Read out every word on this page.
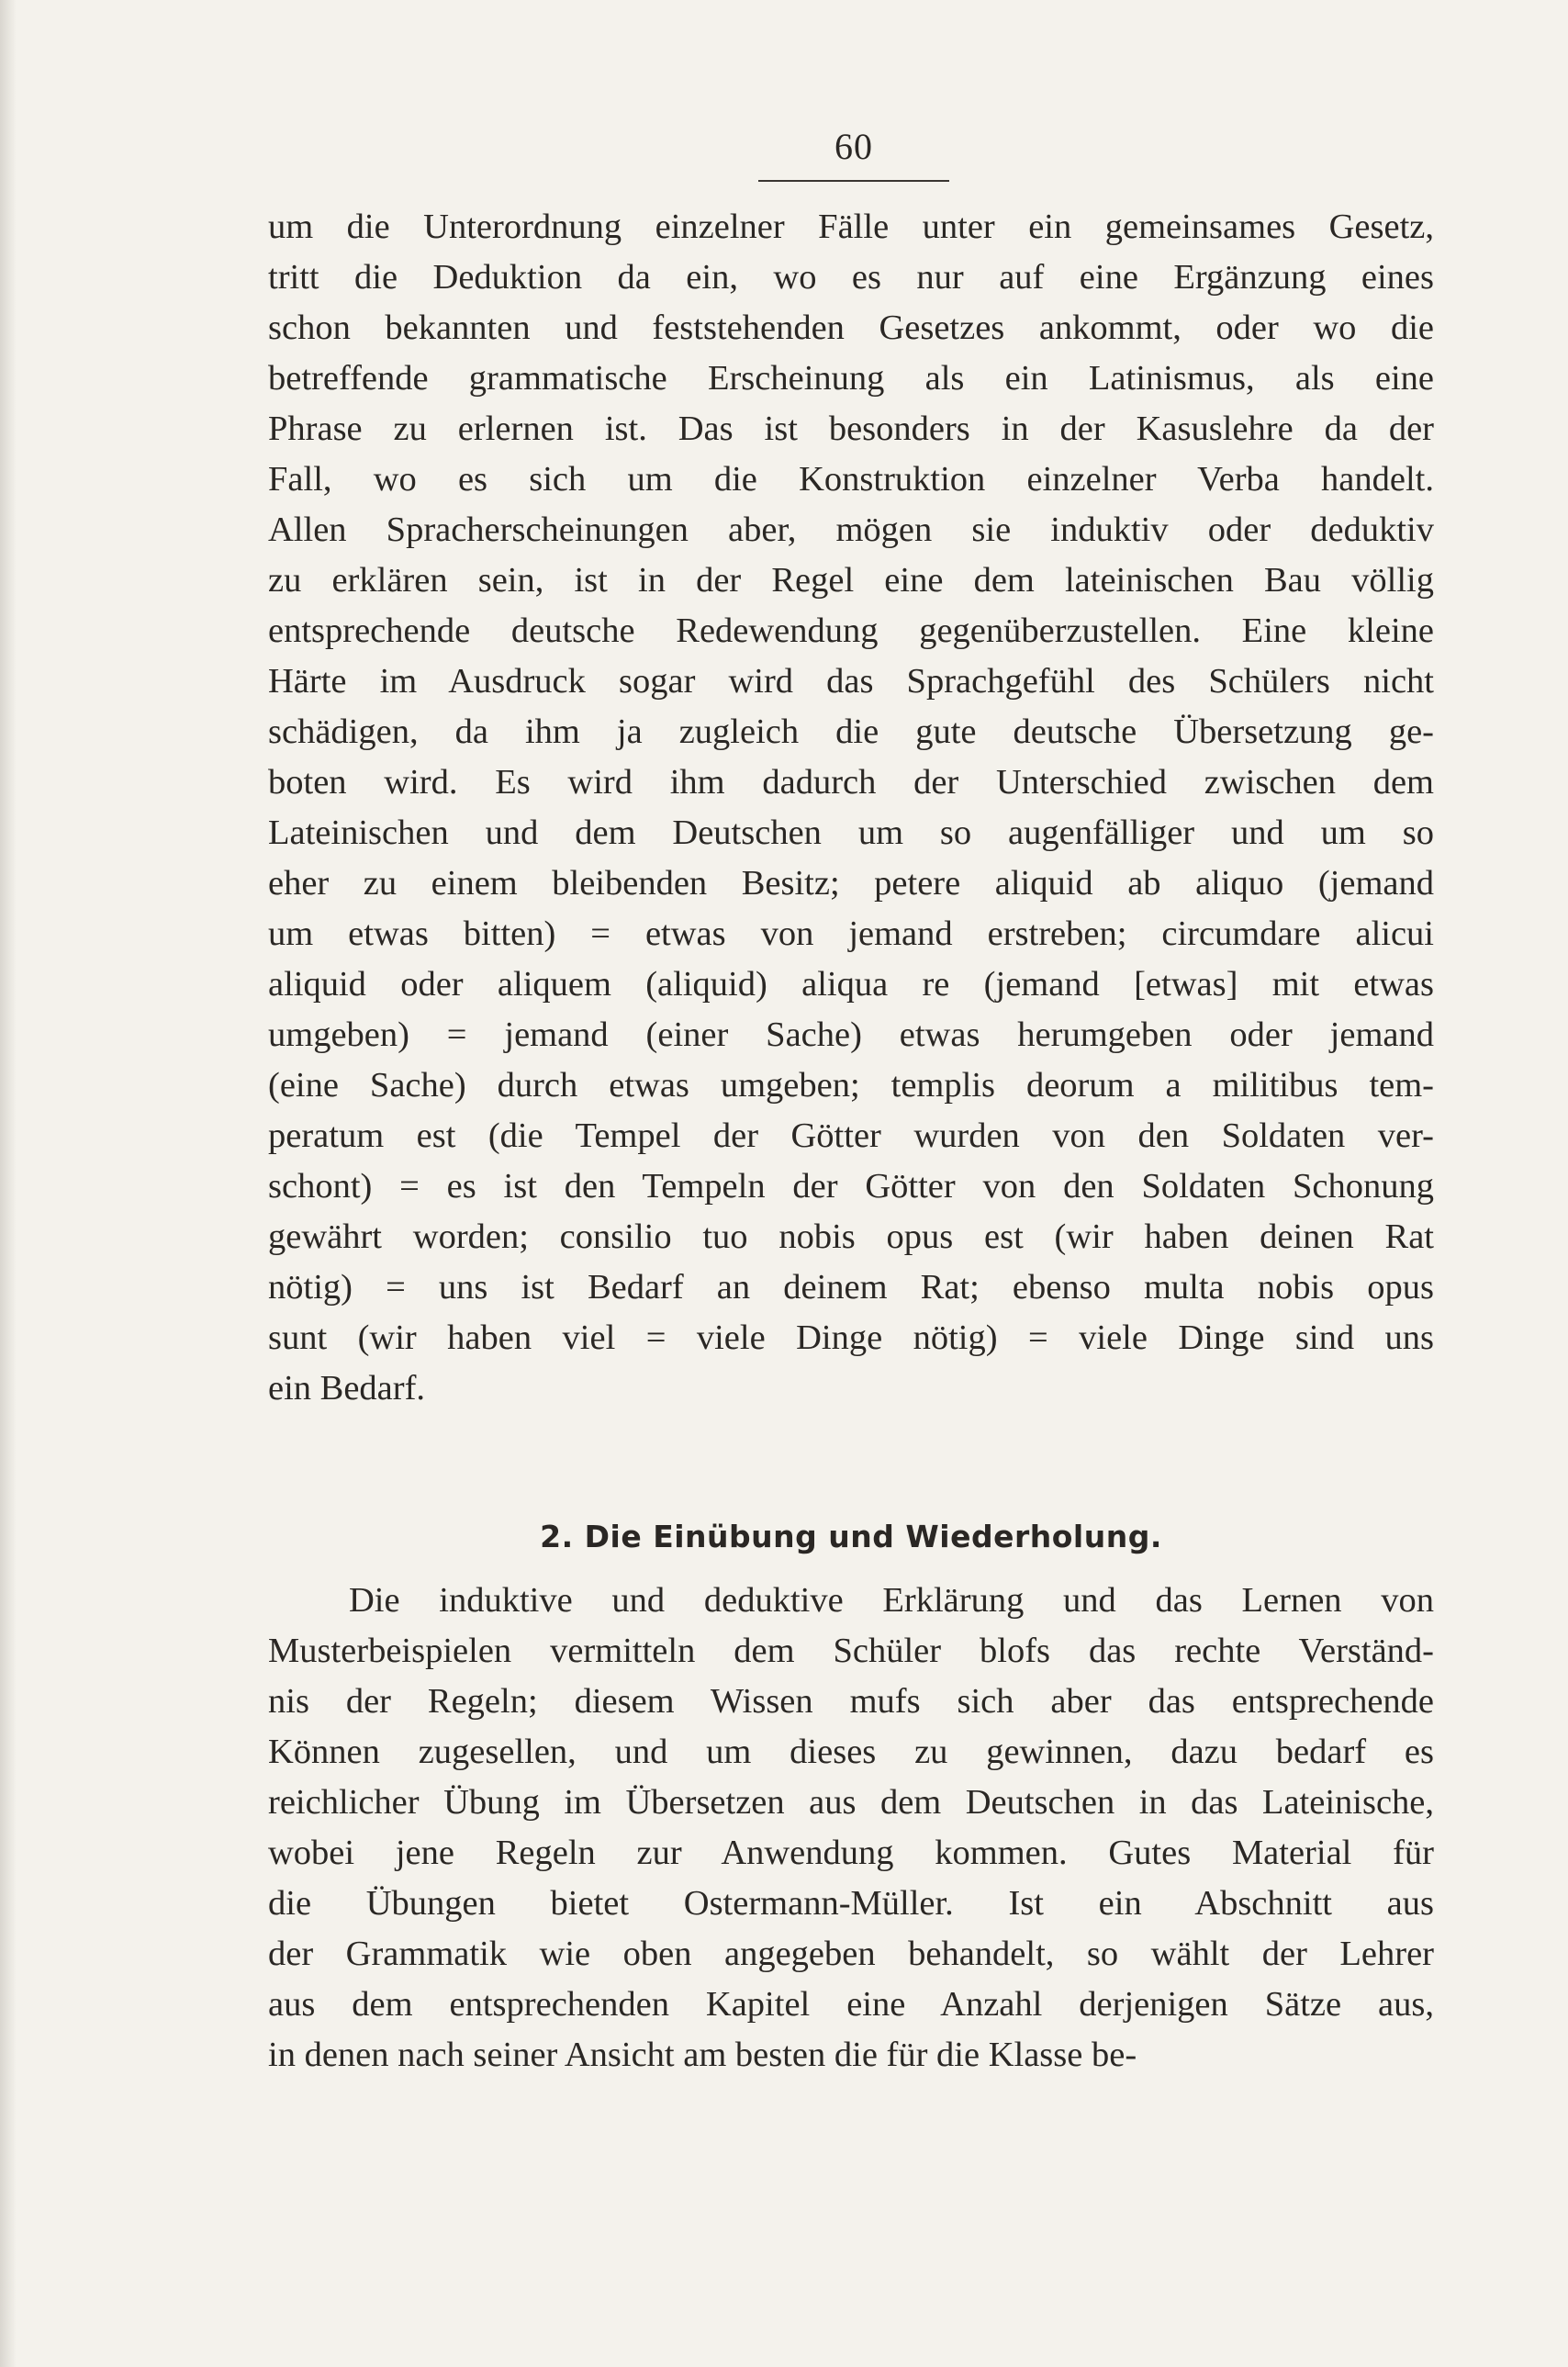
60
um die Unterordnung einzelner Fälle unter ein gemeinsames Gesetz,
tritt die Deduktion da ein, wo es nur auf eine Ergänzung eines
schon bekannten und feststehenden Gesetzes ankommt, oder wo die
betreffende grammatische Erscheinung als ein Latinismus, als eine
Phrase zu erlernen ist. Das ist besonders in der Kasuslehre da der
Fall, wo es sich um die Konstruktion einzelner Verba handelt.
Allen Spracherscheinungen aber, mögen sie induktiv oder deduktiv
zu erklären sein, ist in der Regel eine dem lateinischen Bau völlig
entsprechende deutsche Redewendung gegenüberzustellen. Eine kleine
Härte im Ausdruck sogar wird das Sprachgefühl des Schülers nicht
schädigen, da ihm ja zugleich die gute deutsche Übersetzung ge-
boten wird. Es wird ihm dadurch der Unterschied zwischen dem
Lateinischen und dem Deutschen um so augenfälliger und um so
eher zu einem bleibenden Besitz; petere aliquid ab aliquo (jemand
um etwas bitten) = etwas von jemand erstreben; circumdare alicui
aliquid oder aliquem (aliquid) aliqua re (jemand [etwas] mit etwas
umgeben) = jemand (einer Sache) etwas herumgeben oder jemand
(eine Sache) durch etwas umgeben; templis deorum a militibus tem-
peratum est (die Tempel der Götter wurden von den Soldaten ver-
schont) = es ist den Tempeln der Götter von den Soldaten Schonung
gewährt worden; consilio tuo nobis opus est (wir haben deinen Rat
nötig) = uns ist Bedarf an deinem Rat; ebenso multa nobis opus
sunt (wir haben viel = viele Dinge nötig) = viele Dinge sind uns
ein Bedarf.
2. Die Einübung und Wiederholung.
Die induktive und deduktive Erklärung und das Lernen von
Musterbeispielen vermitteln dem Schüler blofs das rechte Verständ-
nis der Regeln; diesem Wissen mufs sich aber das entsprechende
Können zugesellen, und um dieses zu gewinnen, dazu bedarf es
reichlicher Übung im Übersetzen aus dem Deutschen in das Lateinische,
wobei jene Regeln zur Anwendung kommen. Gutes Material für
die Übungen bietet Ostermann-Müller. Ist ein Abschnitt aus
der Grammatik wie oben angegeben behandelt, so wählt der Lehrer
aus dem entsprechenden Kapitel eine Anzahl derjenigen Sätze aus,
in denen nach seiner Ansicht am besten die für die Klasse be-
